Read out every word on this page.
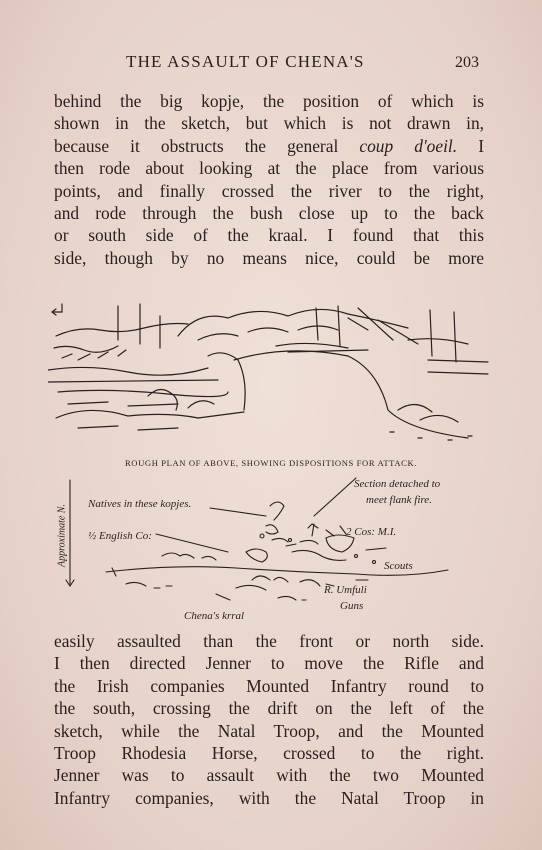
THE ASSAULT OF CHENA'S	203
behind the big kopje, the position of which is
shown in the sketch, but which is not drawn in,
because it obstructs the general coup d'oeil. I
then rode about looking at the place from various
points, and finally crossed the river to the right,
and rode through the bush close up to the back
or south side of the kraal. I found that this
side, though by no means nice, could be more
ROUGH PLAN OF ABOVE, SHOWING DISPOSITIONS FOR ATTACK.
Section detached to
meet flank fire.
Natives in these kopjes.
½ English Co:	2 Cos: M.I.
Scouts
R. Umfuli
Guns
Chena's krral
Approximate N.
easily assaulted than the front or north side.
I then directed Jenner to move the Rifle and
the Irish companies Mounted Infantry round to
the south, crossing the drift on the left of the
sketch, while the Natal Troop, and the Mounted
Troop Rhodesia Horse, crossed to the right.
Jenner was to assault with the two Mounted
Infantry companies, with the Natal Troop in
